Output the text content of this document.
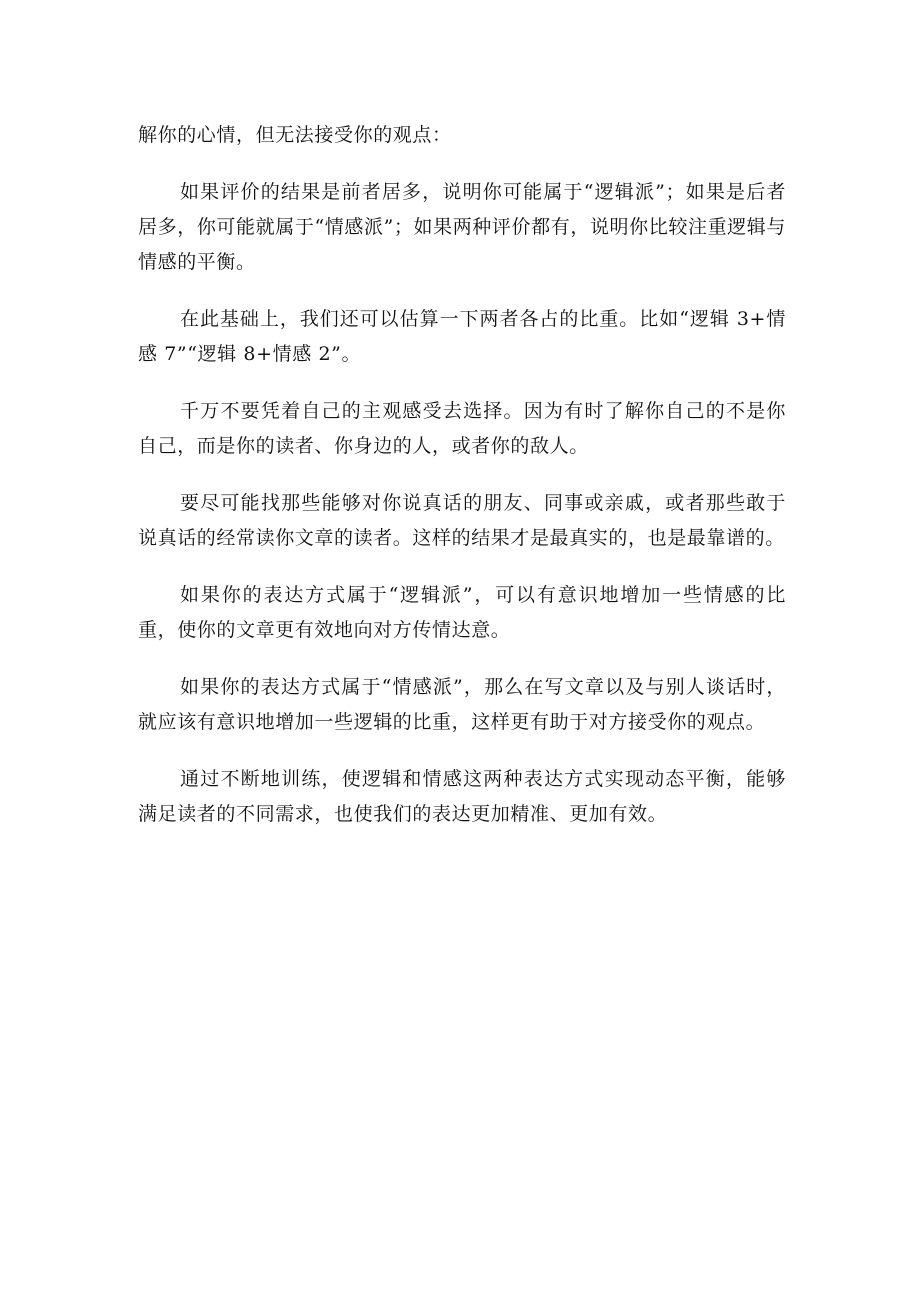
解你的心情，但无法接受你的观点：

如果评价的结果是前者居多，说明你可能属于“逻辑派”；如果是后者居多，你可能就属于“情感派”；如果两种评价都有，说明你比较注重逻辑与情感的平衡。

在此基础上，我们还可以估算一下两者各占的比重。比如“逻辑 3+情感 7”“逻辑 8+情感 2”。

千万不要凭着自己的主观感受去选择。因为有时了解你自己的不是你自己，而是你的读者、你身边的人，或者你的敌人。

要尽可能找那些能够对你说真话的朋友、同事或亲戚，或者那些敢于说真话的经常读你文章的读者。这样的结果才是最真实的，也是最靠谱的。

如果你的表达方式属于“逻辑派”，可以有意识地增加一些情感的比重，使你的文章更有效地向对方传情达意。

如果你的表达方式属于“情感派”，那么在写文章以及与别人谈话时，就应该有意识地增加一些逻辑的比重，这样更有助于对方接受你的观点。

通过不断地训练，使逻辑和情感这两种表达方式实现动态平衡，能够满足读者的不同需求，也使我们的表达更加精准、更加有效。
